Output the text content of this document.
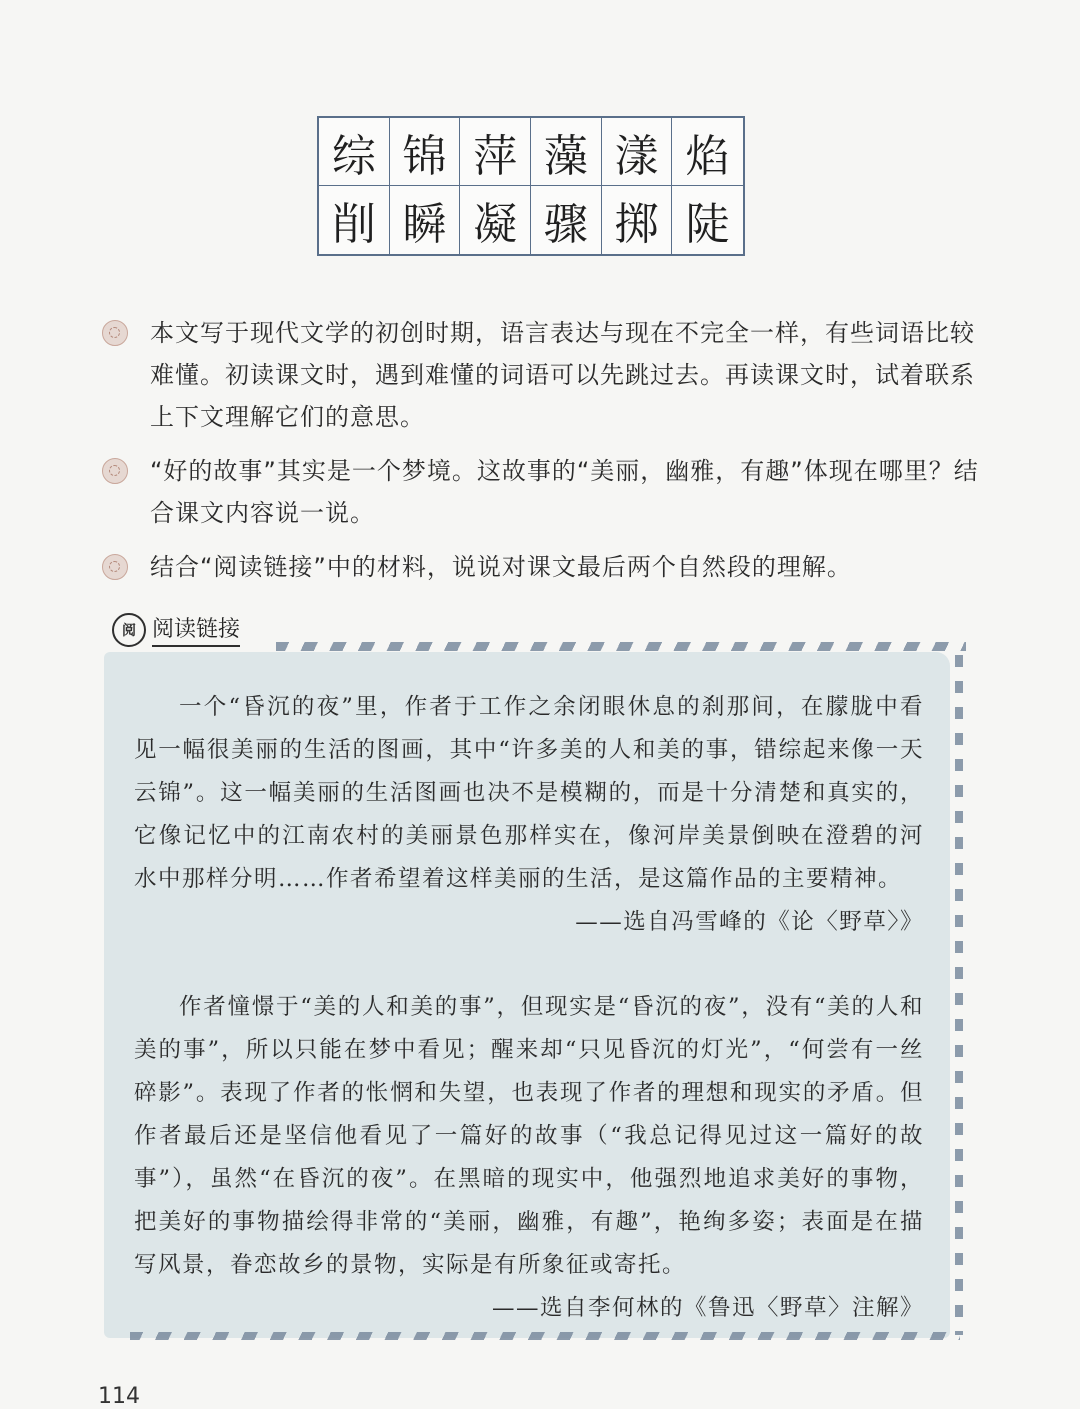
综 锦 萍 藻 漾 焰
削 瞬 凝 骤 掷 陡
本文写于现代文学的初创时期，语言表达与现在不完全一样，有些词语比较难懂。初读课文时，遇到难懂的词语可以先跳过去。再读课文时，试着联系上下文理解它们的意思。
“好的故事”其实是一个梦境。这故事的“美丽，幽雅，有趣”体现在哪里？结合课文内容说一说。
结合“阅读链接”中的材料，说说对课文最后两个自然段的理解。
阅 阅读链接

一个“昏沉的夜”里，作者于工作之余闭眼休息的刹那间，在朦胧中看见一幅很美丽的生活的图画，其中“许多美的人和美的事，错综起来像一天云锦”。这一幅美丽的生活图画也决不是模糊的，而是十分清楚和真实的，它像记忆中的江南农村的美丽景色那样实在，像河岸美景倒映在澄碧的河水中那样分明……作者希望着这样美丽的生活，是这篇作品的主要精神。

——选自冯雪峰的《论〈野草〉》

作者憧憬于“美的人和美的事”，但现实是“昏沉的夜”，没有“美的人和美的事”，所以只能在梦中看见；醒来却“只见昏沉的灯光”，“何尝有一丝碎影”。表现了作者的怅惘和失望，也表现了作者的理想和现实的矛盾。但作者最后还是坚信他看见了一篇好的故事（“我总记得见过这一篇好的故事”），虽然“在昏沉的夜”。在黑暗的现实中，他强烈地追求美好的事物，把美好的事物描绘得非常的“美丽，幽雅，有趣”，艳绚多姿；表面是在描写风景，眷恋故乡的景物，实际是有所象征或寄托。

——选自李何林的《鲁迅〈野草〉注解》

114
